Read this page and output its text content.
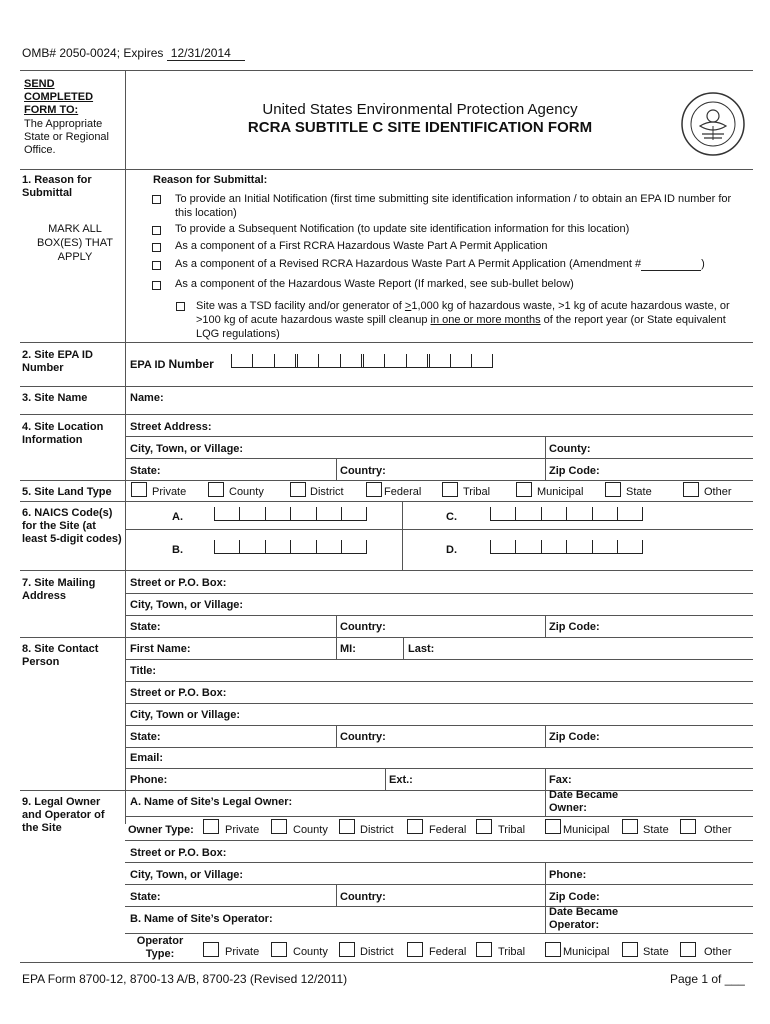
OMB# 2050-0024; Expires 12/31/2014
SEND COMPLETED FORM TO:
The Appropriate State or Regional Office.
United States Environmental Protection Agency
RCRA SUBTITLE C SITE IDENTIFICATION FORM
1. Reason for Submittal
MARK ALL BOX(ES) THAT APPLY
Reason for Submittal:
To provide an Initial Notification (first time submitting site identification information / to obtain an EPA ID number for this location)
To provide a Subsequent Notification (to update site identification information for this location)
As a component of a First RCRA Hazardous Waste Part A Permit Application
As a component of a Revised RCRA Hazardous Waste Part A Permit Application (Amendment #	)
As a component of the Hazardous Waste Report (If marked, see sub-bullet below)
Site was a TSD facility and/or generator of >1,000 kg of hazardous waste, >1 kg of acute hazardous waste, or >100 kg of acute hazardous waste spill cleanup in one or more months of the report year (or State equivalent LQG regulations)
2. Site EPA ID Number	EPA ID Number
3. Site Name	Name:
4. Site Location Information
Street Address:
City, Town, or Village:	County:
State:	Country:	Zip Code:
5. Site Land Type	Private	County	District	Federal	Tribal	Municipal	State	Other
6. NAICS Code(s) for the Site (at least 5-digit codes)
A.	C.
B.	D.
7. Site Mailing Address
Street or P.O. Box:
City, Town, or Village:
State:	Country:	Zip Code:
8. Site Contact Person
First Name:	MI:	Last:
Title:
Street or P.O. Box:
City, Town or Village:
State:	Country:	Zip Code:
Email:
Phone:	Ext.:	Fax:
9. Legal Owner and Operator of the Site
A. Name of Site’s Legal Owner:
Date Became Owner:
Owner Type:	Private	County	District	Federal	Tribal	Municipal	State	Other
Street or P.O. Box:
City, Town, or Village:	Phone:
State:	Country:	Zip Code:
B. Name of Site’s Operator:
Date Became Operator:
Operator Type:	Private	County	District	Federal	Tribal	Municipal	State	Other
EPA Form 8700-12, 8700-13 A/B, 8700-23 (Revised 12/2011)	Page 1 of ___
